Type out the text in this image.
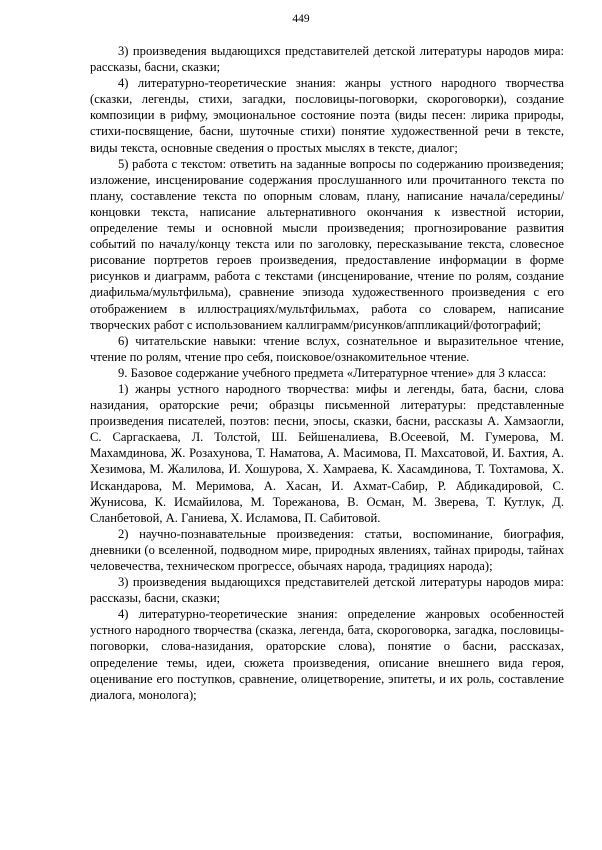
449

3) произведения выдающихся представителей детской литературы народов мира: рассказы, басни, сказки;

4) литературно-теоретические знания: жанры устного народного творчества (сказки, легенды, стихи, загадки, пословицы-поговорки, скороговорки), создание композиции в рифму, эмоциональное состояние поэта (виды песен: лирика природы, стихи-посвящение, басни, шуточные стихи) понятие художественной речи в тексте, виды текста, основные сведения о простых мыслях в тексте, диалог;

5) работа с текстом: ответить на заданные вопросы по содержанию произведения; изложение, инсценирование содержания прослушанного или прочитанного текста по плану, составление текста по опорным словам, плану, написание начала/середины/концовки текста, написание альтернативного окончания к известной истории, определение темы и основной мысли произведения; прогнозирование развития событий по началу/концу текста или по заголовку, пересказывание текста, словесное рисование портретов героев произведения, предоставление информации в форме рисунков и диаграмм, работа с текстами (инсценирование, чтение по ролям, создание диафильма/мультфильма), сравнение эпизода художественного произведения с его отображением в иллюстрациях/мультфильмах, работа со словарем, написание творческих работ с использованием каллиграмм/рисунков/аппликаций/фотографий;

6) читательские навыки: чтение вслух, сознательное и выразительное чтение, чтение по ролям, чтение про себя, поисковое/ознакомительное чтение.

9. Базовое содержание учебного предмета «Литературное чтение» для 3 класса:

1) жанры устного народного творчества: мифы и легенды, бата, басни, слова назидания, ораторские речи; образцы письменной литературы: представленные произведения писателей, поэтов: песни, эпосы, сказки, басни, рассказы А. Хамзаогли, С. Саргаскаева, Л. Толстой, Ш. Бейшеналиева, В.Осеевой, М. Гумерова, М. Махамдинова, Ж. Розахунова, Т. Наматова, А. Масимова, П. Махсатовой, И. Бахтия, А. Хезимова, М. Жалилова, И. Хошурова, Х. Хамраева, К. Хасамдинова, Т. Тохтамова, Х. Искандарова, М. Меримова, А. Хасан, И. Ахмат-Сабир, Р. Абдикадировой, С. Жунисова, К. Исмайилова, М. Торежанова, В. Осман, М. Зверева, Т. Кутлук, Д. Сланбетовой, А. Ганиева, Х. Исламова, П. Сабитовой.

2) научно-познавательные произведения: статьи, воспоминание, биография, дневники (о вселенной, подводном мире, природных явлениях, тайнах природы, тайнах человечества, техническом прогрессе, обычаях народа, традициях народа);

3) произведения выдающихся представителей детской литературы народов мира: рассказы, басни, сказки;

4) литературно-теоретические знания: определение жанровых особенностей устного народного творчества (сказка, легенда, бата, скороговорка, загадка, пословицы-поговорки, слова-назидания, ораторские слова), понятие о басни, рассказах, определение темы, идеи, сюжета произведения, описание внешнего вида героя, оценивание его поступков, сравнение, олицетворение, эпитеты, и их роль, составление диалога, монолога);
